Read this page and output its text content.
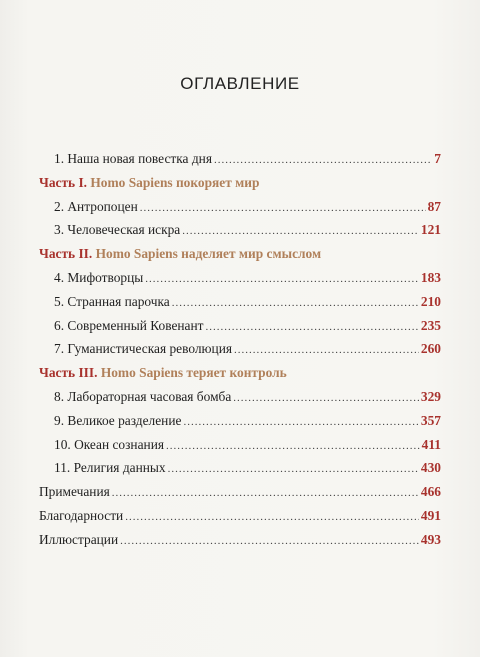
ОГЛАВЛЕНИЕ
1. Наша новая повестка дня .....	7
Часть I. Homo Sapiens покоряет мир
2. Антропоцен .....	87
3. Человеческая искра .....	121
Часть II. Homo Sapiens наделяет мир смыслом
4. Мифотворцы .....	183
5. Странная парочка .....	210
6. Современный Ковенант .....	235
7. Гуманистическая революция .....	260
Часть III. Homo Sapiens теряет контроль
8. Лабораторная часовая бомба .....	329
9. Великое разделение .....	357
10. Океан сознания .....	411
11. Религия данных .....	430
Примечания .....	466
Благодарности .....	491
Иллюстрации .....	493
